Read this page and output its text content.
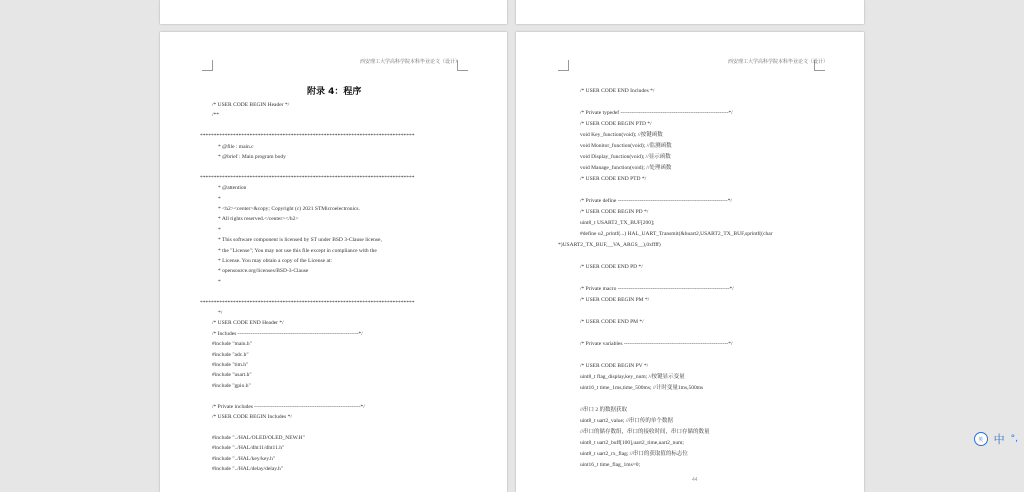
西安理工大学高科学院本科毕业论文（设计）
附录 4：程序
/* USER CODE BEGIN Header */
/**
******************************************************************************
* @file : main.c
* @brief : Main program body
******************************************************************************
* @attention
*
* <h2><center>&copy; Copyright (c) 2021 STMicroelectronics.
* All rights reserved.</center></h2>
*
* This software component is licensed by ST under BSD 3-Clause license,
* the "License"; You may not use this file except in compliance with the
* License. You may obtain a copy of the License at:
* opensource.org/licenses/BSD-3-Clause
*
******************************************************************************
*/
/* USER CODE END Header */
/* Includes ------------------------------------------------------------------*/
#include "main.h"
#include "adc.h"
#include "tim.h"
#include "usart.h"
#include "gpio.h"
/* Private includes ----------------------------------------------------------*/
/* USER CODE BEGIN Includes */
#include "../HAL/OLED/OLED_NEW.H"
#include "../HAL/dht11/dht11.h"
#include "../HAL/key/key.h"
#include "../HAL/delay/delay.h"
西安理工大学高科学院本科毕业论文（设计）
/* USER CODE END Includes */
/* Private typedef -----------------------------------------------------------*/
/* USER CODE BEGIN PTD */
void Key_function(void); //按键函数
void Monitor_function(void); //监测函数
void Display_function(void); //显示函数
void Manage_function(void); //处理函数
/* USER CODE END PTD */
/* Private define ------------------------------------------------------------*/
/* USER CODE BEGIN PD */
uint8_t USART2_TX_BUF[200];
#define u2_printf(...) HAL_UART_Transmit(&huart2,USART2_TX_BUF,sprintf((char
*)USART2_TX_BUF,__VA_ARGS__),0xffff)
/* USER CODE END PD */
/* Private macro -------------------------------------------------------------*/
/* USER CODE BEGIN PM */
/* USER CODE END PM */
/* Private variables ---------------------------------------------------------*/
/* USER CODE BEGIN PV */
uint8_t flag_display,key_num; //按键显示变量
uint16_t time_1ms,time_500ms; //计时变量1ms,500ms
//串口 2 的数据获取
uint8_t uart2_value; //串口传的单个数据
//串口的储存数组，串口的接收时间，串口存储的数量
uint8_t uart2_buff[100],uart2_time,uart2_num;
uint8_t uart2_rx_flag; //串口的获取值的标志位
uint16_t time_flag_1ms=0;
44
英 中 °,
